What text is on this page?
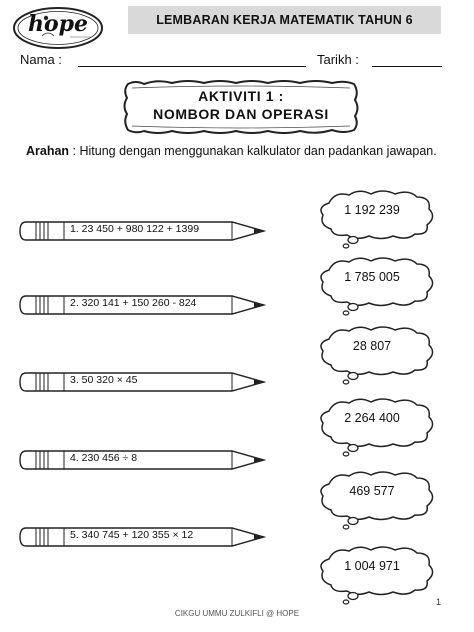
hope	LEMBARAN KERJA MATEMATIK TAHUN 6
Nama :	Tarikh :
AKTIVITI 1 :
NOMBOR DAN OPERASI
Arahan : Hitung dengan menggunakan kalkulator dan padankan jawapan.
1. 23 450 + 980 122 + 1399
2. 320 141 + 150 260 - 824
3. 50 320 × 45
4. 230 456 ÷ 8
5. 340 745 + 120 355 × 12
1 192 239
1 785 005
28 807
2 264 400
469 577
1 004 971
1
CIKGU UMMU ZULKIFLI @ HOPE
